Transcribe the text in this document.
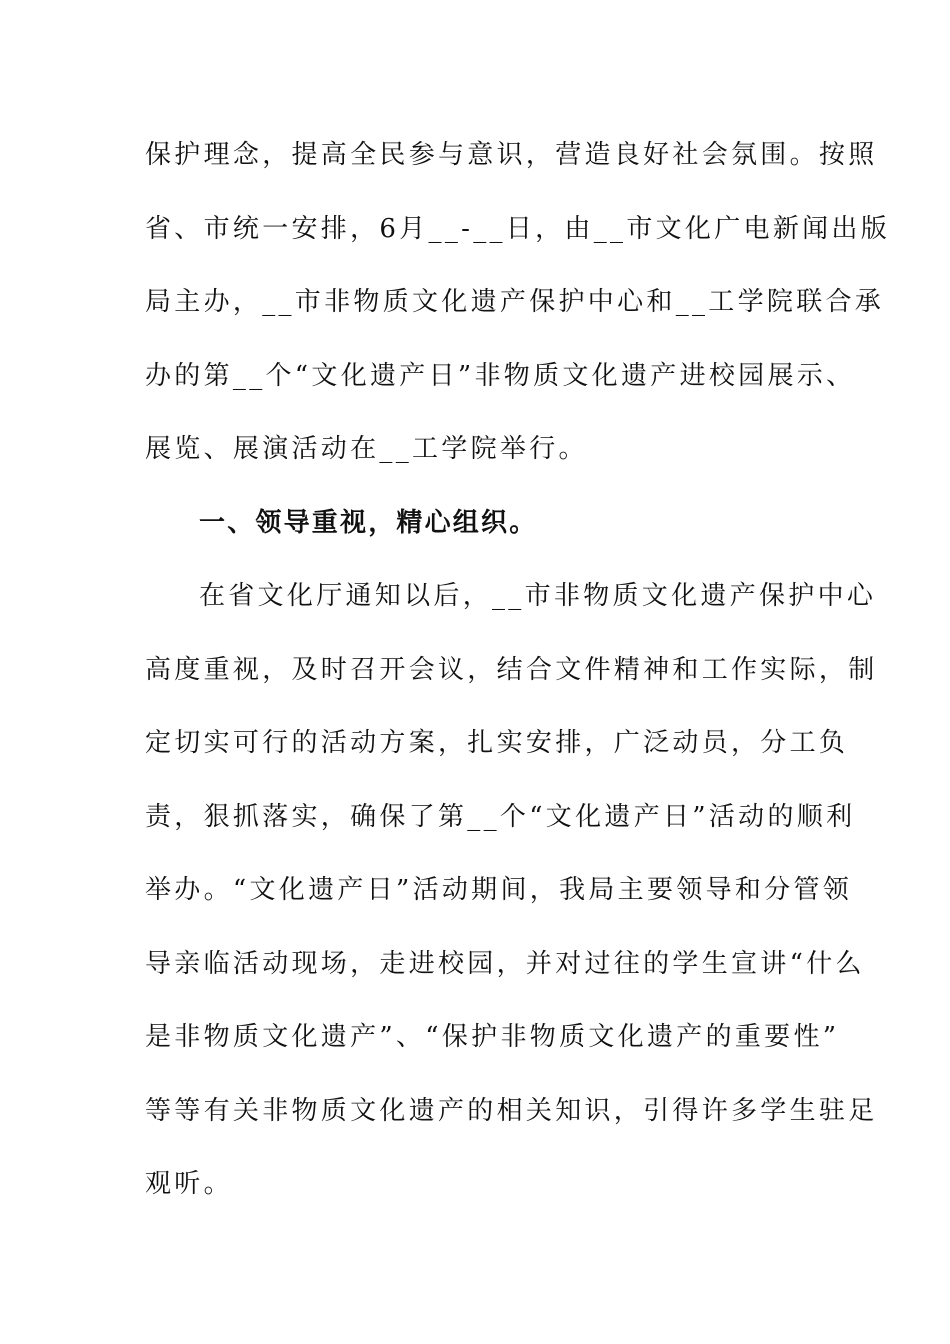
保护理念，提高全民参与意识，营造良好社会氛围。按照
省、市统一安排，6月__-__日，由__市文化广电新闻出版
局主办，__市非物质文化遗产保护中心和__工学院联合承
办的第__个“文化遗产日”非物质文化遗产进校园展示、
展览、展演活动在__工学院举行。
一、领导重视，精心组织。
在省文化厅通知以后，__市非物质文化遗产保护中心
高度重视，及时召开会议，结合文件精神和工作实际，制
定切实可行的活动方案，扎实安排，广泛动员，分工负
责，狠抓落实，确保了第__个“文化遗产日”活动的顺利
举办。“文化遗产日”活动期间，我局主要领导和分管领
导亲临活动现场，走进校园，并对过往的学生宣讲“什么
是非物质文化遗产”、“保护非物质文化遗产的重要性”
等等有关非物质文化遗产的相关知识，引得许多学生驻足
观听。
